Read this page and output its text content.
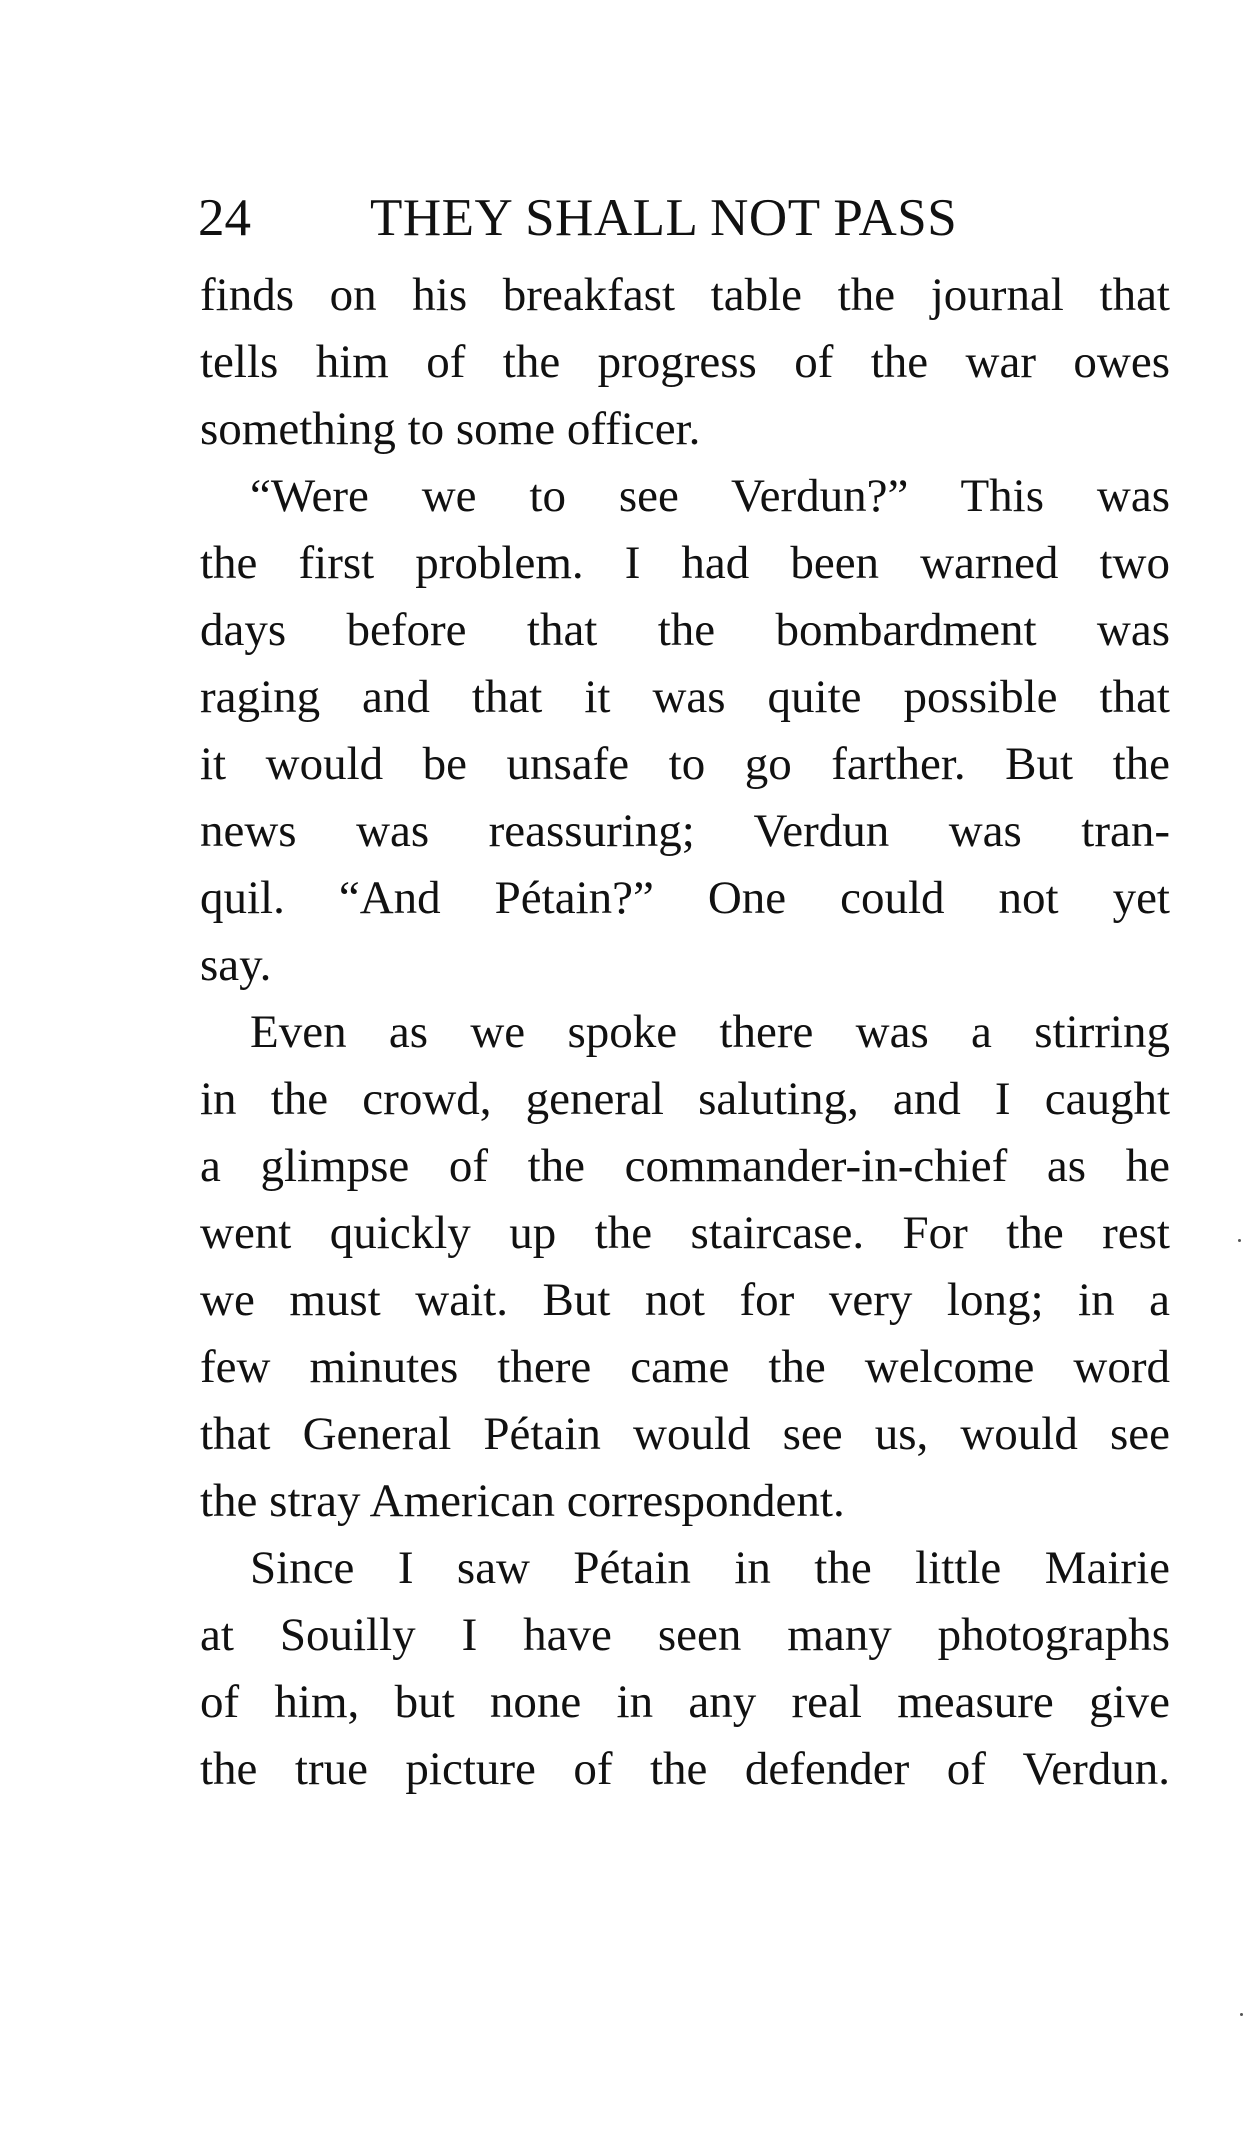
24 THEY SHALL NOT PASS
finds on his breakfast table the journal that
tells him of the progress of the war owes
something to some officer.
“Were we to see Verdun?” This was
the first problem. I had been warned two
days before that the bombardment was
raging and that it was quite possible that
it would be unsafe to go farther. But the
news was reassuring; Verdun was tran-
quil. “And Pétain?” One could not yet
say.
Even as we spoke there was a stirring
in the crowd, general saluting, and I caught
a glimpse of the commander-in-chief as he
went quickly up the staircase. For the rest
we must wait. But not for very long; in a
few minutes there came the welcome word
that General Pétain would see us, would see
the stray American correspondent.
Since I saw Pétain in the little Mairie
at Souilly I have seen many photographs
of him, but none in any real measure give
the true picture of the defender of Verdun.
